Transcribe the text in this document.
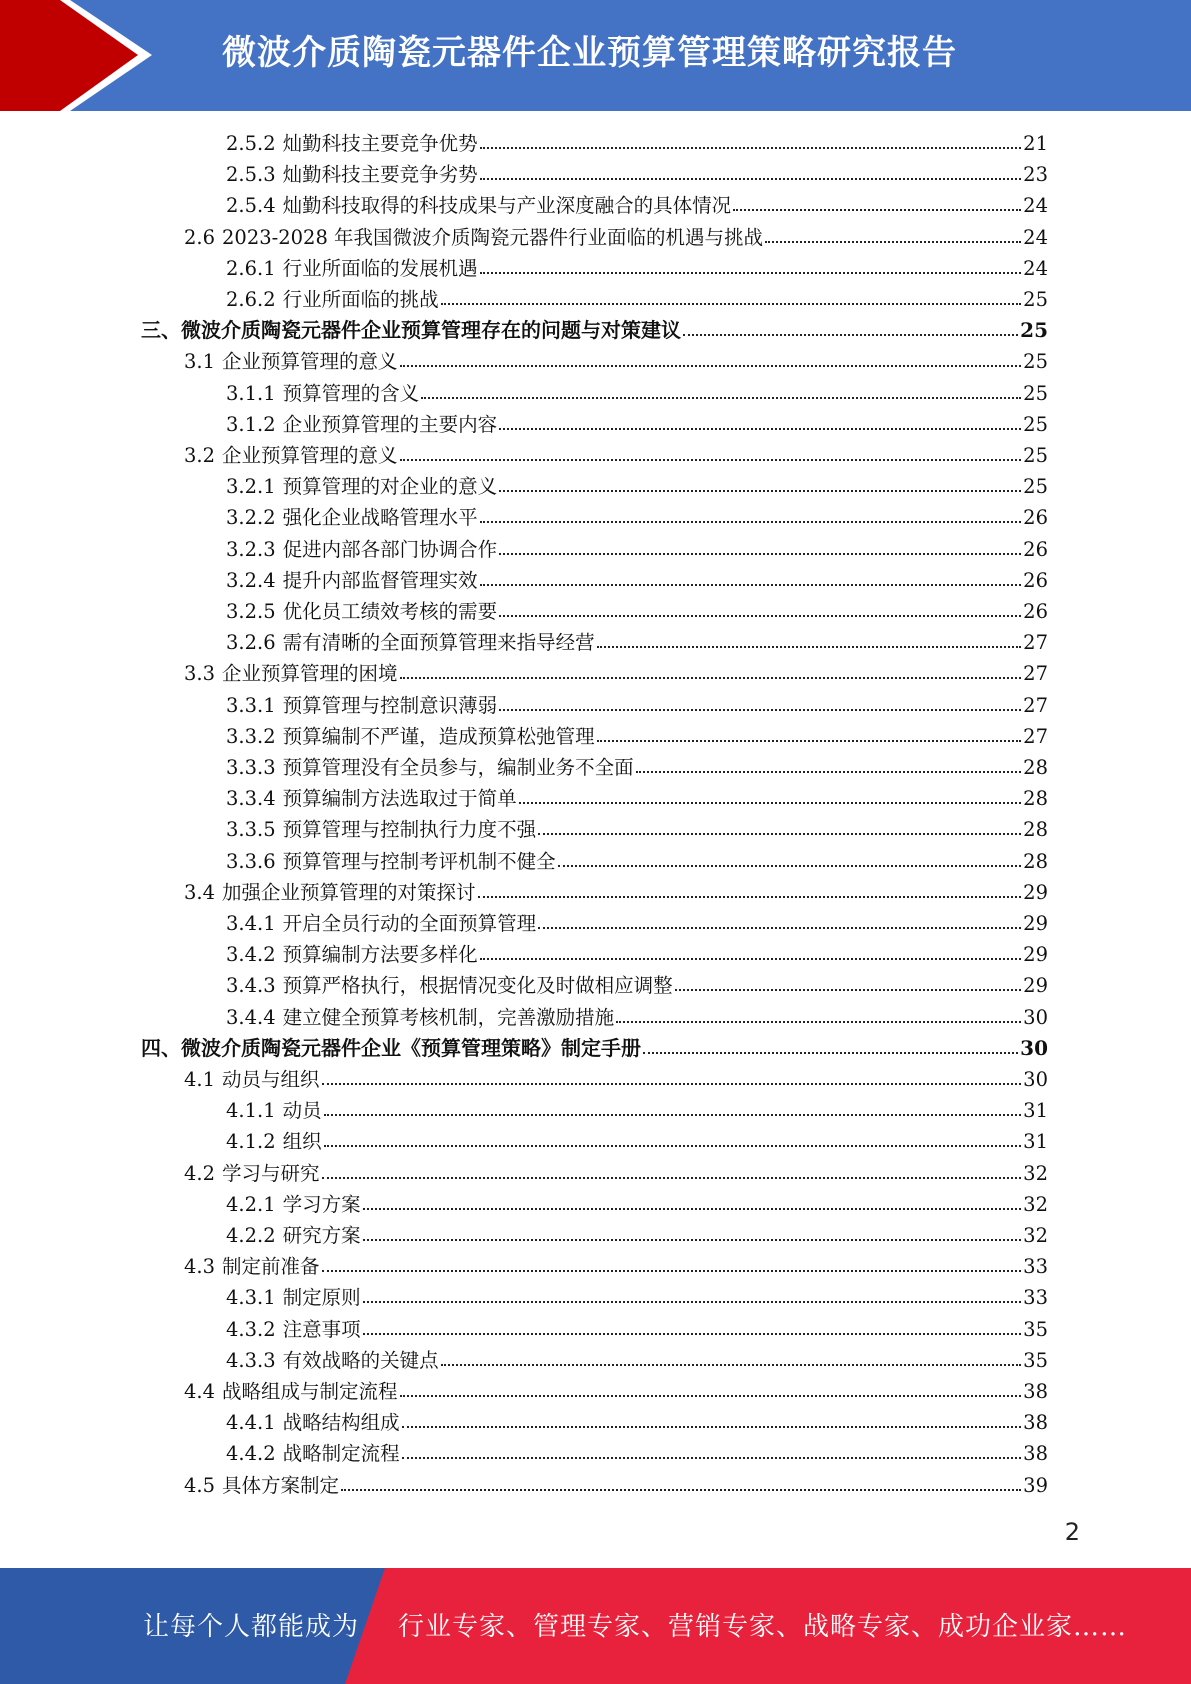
微波介质陶瓷元器件企业预算管理策略研究报告
2.5.2 灿勤科技主要竞争优势	21
2.5.3 灿勤科技主要竞争劣势	23
2.5.4 灿勤科技取得的科技成果与产业深度融合的具体情况	24
2.6 2023-2028 年我国微波介质陶瓷元器件行业面临的机遇与挑战	24
2.6.1 行业所面临的发展机遇	24
2.6.2 行业所面临的挑战	25
三、 微波介质陶瓷元器件企业预算管理存在的问题与对策建议	25
3.1 企业预算管理的意义	25
3.1.1 预算管理的含义	25
3.1.2 企业预算管理的主要内容	25
3.2 企业预算管理的意义	25
3.2.1 预算管理的对企业的意义	25
3.2.2 强化企业战略管理水平	26
3.2.3 促进内部各部门协调合作	26
3.2.4 提升内部监督管理实效	26
3.2.5 优化员工绩效考核的需要	26
3.2.6 需有清晰的全面预算管理来指导经营	27
3.3 企业预算管理的困境	27
3.3.1 预算管理与控制意识薄弱	27
3.3.2 预算编制不严谨，造成预算松弛管理	27
3.3.3 预算管理没有全员参与，编制业务不全面	28
3.3.4 预算编制方法选取过于简单	28
3.3.5 预算管理与控制执行力度不强	28
3.3.6 预算管理与控制考评机制不健全	28
3.4 加强企业预算管理的对策探讨	29
3.4.1 开启全员行动的全面预算管理	29
3.4.2 预算编制方法要多样化	29
3.4.3 预算严格执行，根据情况变化及时做相应调整	29
3.4.4 建立健全预算考核机制，完善激励措施	30
四、 微波介质陶瓷元器件企业《预算管理策略》制定手册	30
4.1 动员与组织	30
4.1.1 动员	31
4.1.2 组织	31
4.2 学习与研究	32
4.2.1 学习方案	32
4.2.2 研究方案	32
4.3 制定前准备	33
4.3.1 制定原则	33
4.3.2 注意事项	35
4.3.3 有效战略的关键点	35
4.4 战略组成与制定流程	38
4.4.1 战略结构组成	38
4.4.2 战略制定流程	38
4.5 具体方案制定	39
2
让每个人都能成为 行业专家、管理专家、营销专家、战略专家、成功企业家……
